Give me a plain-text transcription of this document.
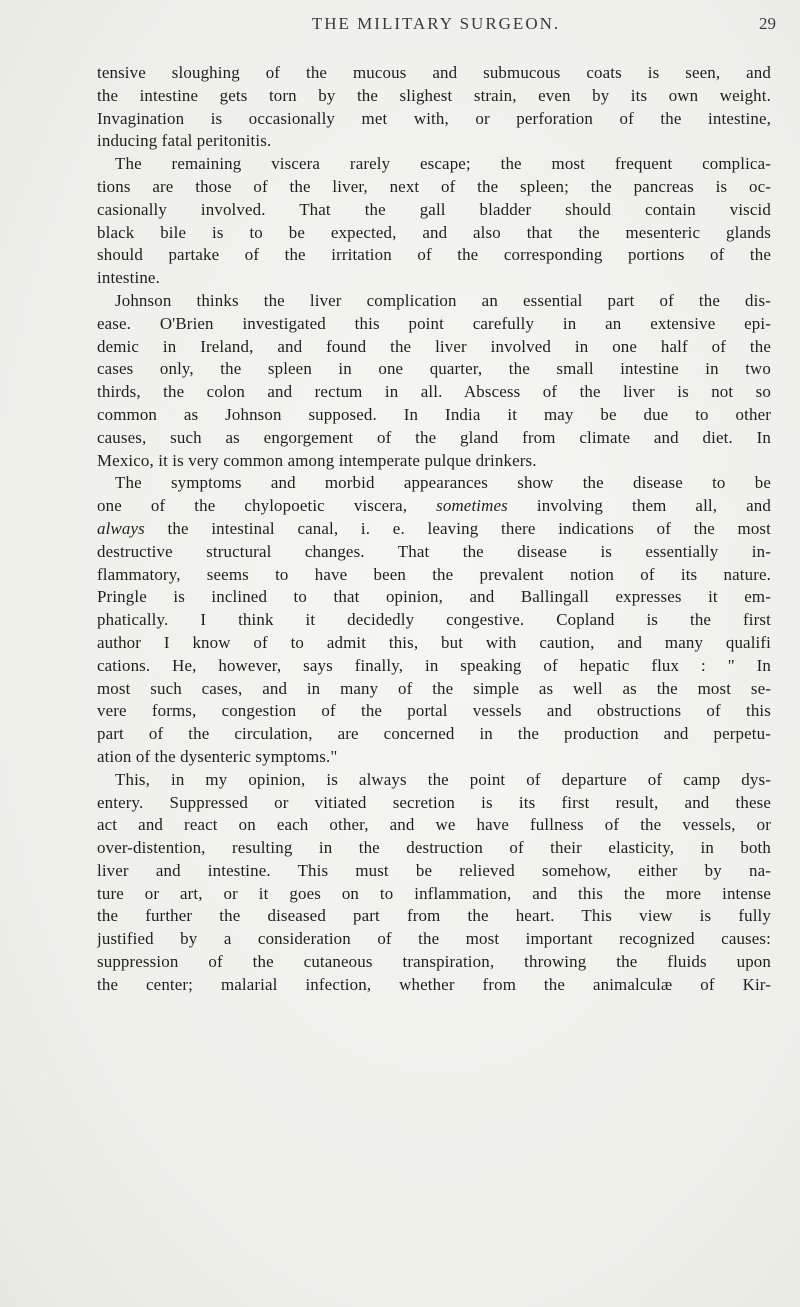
THE MILITARY SURGEON.	29
tensive sloughing of the mucous and submucous coats is seen, and
the intestine gets torn by the slighest strain, even by its own weight.
Invagination is occasionally met with, or perforation of the intestine,
inducing fatal peritonitis.
The remaining viscera rarely escape; the most frequent complica-
tions are those of the liver, next of the spleen; the pancreas is oc-
casionally involved. That the gall bladder should contain viscid
black bile is to be expected, and also that the mesenteric glands
should partake of the irritation of the corresponding portions of the
intestine.
Johnson thinks the liver complication an essential part of the dis-
ease. O'Brien investigated this point carefully in an extensive epi-
demic in Ireland, and found the liver involved in one half of the
cases only, the spleen in one quarter, the small intestine in two
thirds, the colon and rectum in all. Abscess of the liver is not so
common as Johnson supposed. In India it may be due to other
causes, such as engorgement of the gland from climate and diet. In
Mexico, it is very common among intemperate pulque drinkers.
The symptoms and morbid appearances show the disease to be
one of the chylopoetic viscera, sometimes involving them all, and
always the intestinal canal, i. e. leaving there indications of the most
destructive structural changes. That the disease is essentially in-
flammatory, seems to have been the prevalent notion of its nature.
Pringle is inclined to that opinion, and Ballingall expresses it em-
phatically. I think it decidedly congestive. Copland is the first
author I know of to admit this, but with caution, and many qualifi
cations. He, however, says finally, in speaking of hepatic flux : " In
most such cases, and in many of the simple as well as the most se-
vere forms, congestion of the portal vessels and obstructions of this
part of the circulation, are concerned in the production and perpetu-
ation of the dysenteric symptoms."
This, in my opinion, is always the point of departure of camp dys-
entery. Suppressed or vitiated secretion is its first result, and these
act and react on each other, and we have fullness of the vessels, or
over-distention, resulting in the destruction of their elasticity, in both
liver and intestine. This must be relieved somehow, either by na-
ture or art, or it goes on to inflammation, and this the more intense
the further the diseased part from the heart. This view is fully
justified by a consideration of the most important recognized causes:
suppression of the cutaneous transpiration, throwing the fluids upon
the center; malarial infection, whether from the animalculæ of Kir-
